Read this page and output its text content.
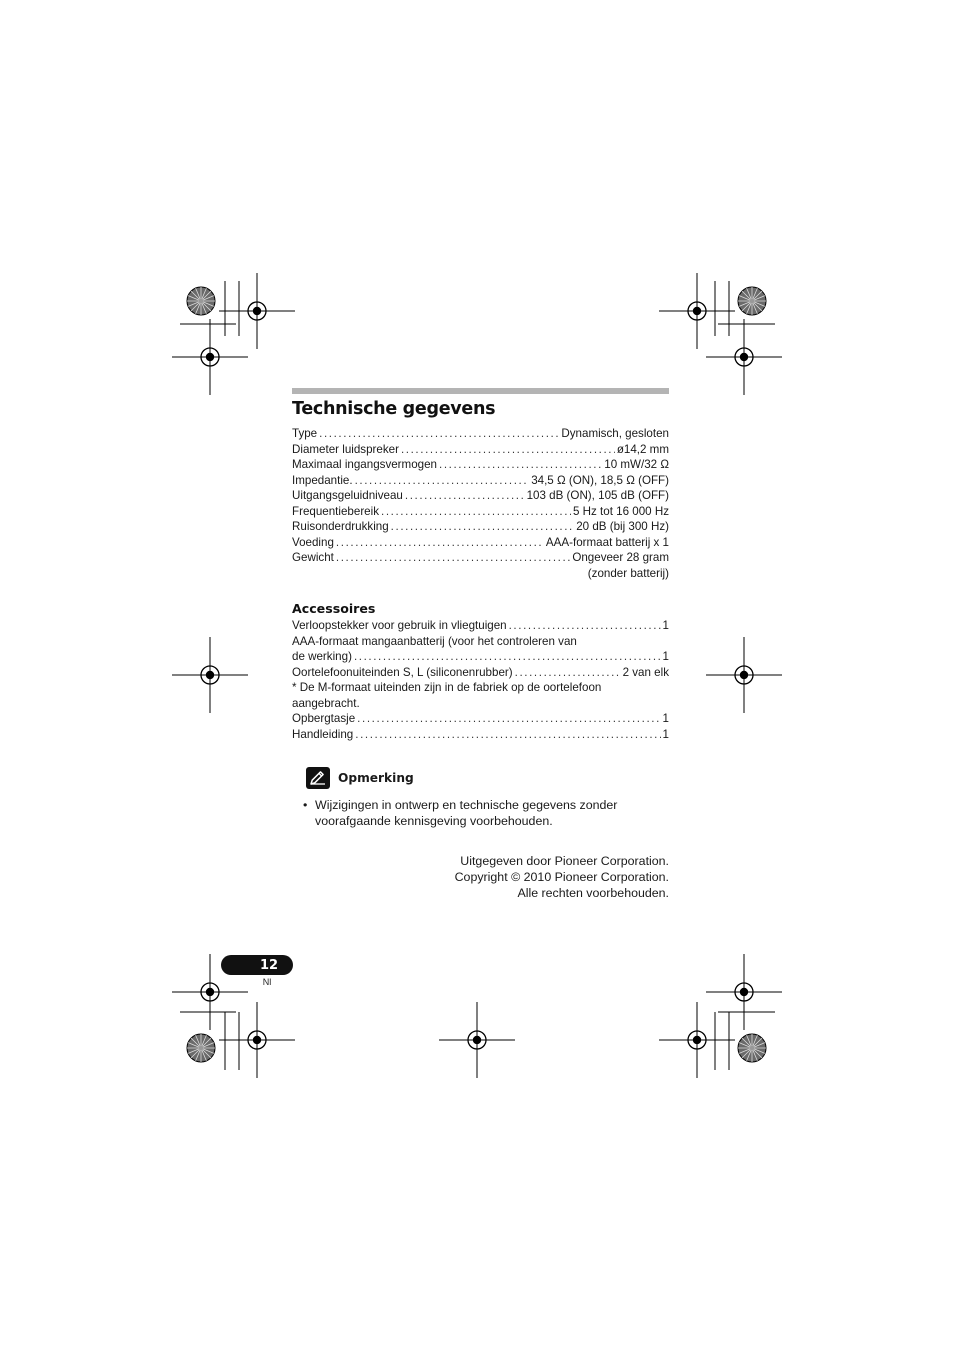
Technische gegevens
Type .....	Dynamisch, gesloten
Diameter luidspreker .....	ø14,2 mm
Maximaal ingangsvermogen .....	10 mW/32 Ω
Impedantie. .....	34,5 Ω (ON), 18,5 Ω (OFF)
Uitgangsgeluidniveau .....	103 dB (ON), 105 dB (OFF)
Frequentiebereik .....	5 Hz tot 16 000 Hz
Ruisonderdrukking .....	20 dB (bij 300 Hz)
Voeding .....	AAA-formaat batterij x 1
Gewicht .....	Ongeveer 28 gram
(zonder batterij)
Accessoires
Verloopstekker voor gebruik in vliegtuigen .....	1
AAA-formaat mangaanbatterij (voor het controleren van
de werking) .....	1
Oortelefoonuiteinden S, L (siliconenrubber) .....	2 van elk
* De M-formaat uiteinden zijn in de fabriek op de oortelefoon aangebracht.
Opbergtasje .....	1
Handleiding .....	1
Opmerking
• Wijzigingen in ontwerp en technische gegevens zonder voorafgaande kennisgeving voorbehouden.
Uitgegeven door Pioneer Corporation.
Copyright © 2010 Pioneer Corporation.
Alle rechten voorbehouden.
12
Nl
